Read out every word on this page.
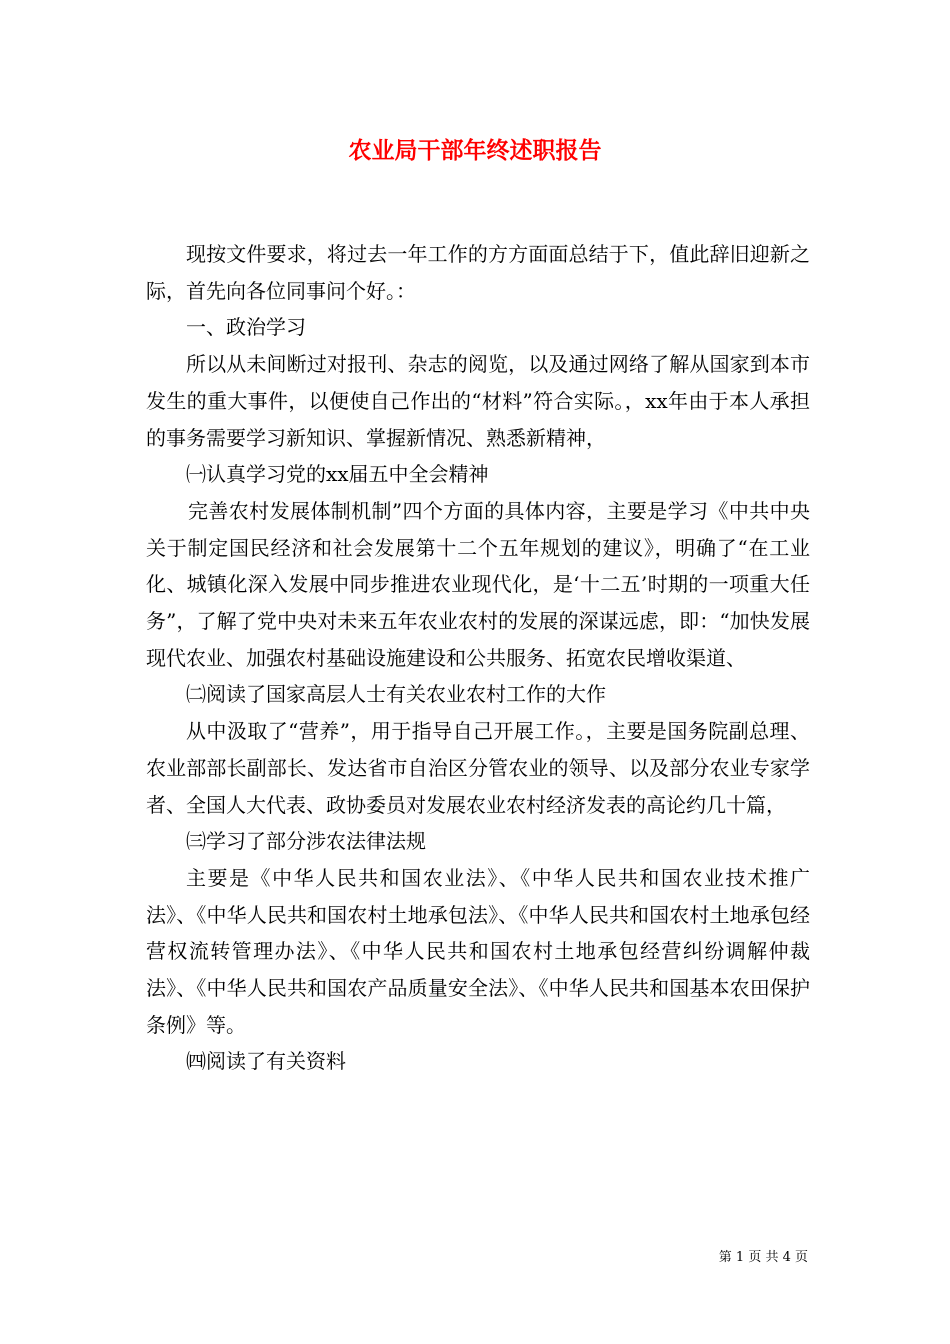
农业局干部年终述职报告

现按文件要求，将过去一年工作的方方面面总结于下，值此辞旧迎新之际，首先向各位同事问个好。：

一、政治学习

所以从未间断过对报刊、杂志的阅览，以及通过网络了解从国家到本市发生的重大事件，以便使自己作出的“材料”符合实际。，xx年由于本人承担的事务需要学习新知识、掌握新情况、熟悉新精神，

㈠认真学习党的xx届五中全会精神

完善农村发展体制机制”四个方面的具体内容，主要是学习《中共中央关于制定国民经济和社会发展第十二个五年规划的建议》，明确了“在工业化、城镇化深入发展中同步推进农业现代化，是‘十二五’时期的一项重大任务”，了解了党中央对未来五年农业农村的发展的深谋远虑，即：“加快发展现代农业、加强农村基础设施建设和公共服务、拓宽农民增收渠道、

㈡阅读了国家高层人士有关农业农村工作的大作

从中汲取了“营养”，用于指导自己开展工作。，主要是国务院副总理、农业部部长副部长、发达省市自治区分管农业的领导、以及部分农业专家学者、全国人大代表、政协委员对发展农业农村经济发表的高论约几十篇，

㈢学习了部分涉农法律法规

主要是《中华人民共和国农业法》、《中华人民共和国农业技术推广法》、《中华人民共和国农村土地承包法》、《中华人民共和国农村土地承包经营权流转管理办法》、《中华人民共和国农村土地承包经营纠纷调解仲裁法》、《中华人民共和国农产品质量安全法》、《中华人民共和国基本农田保护条例》等。

㈣阅读了有关资料

第 1 页 共 4 页
